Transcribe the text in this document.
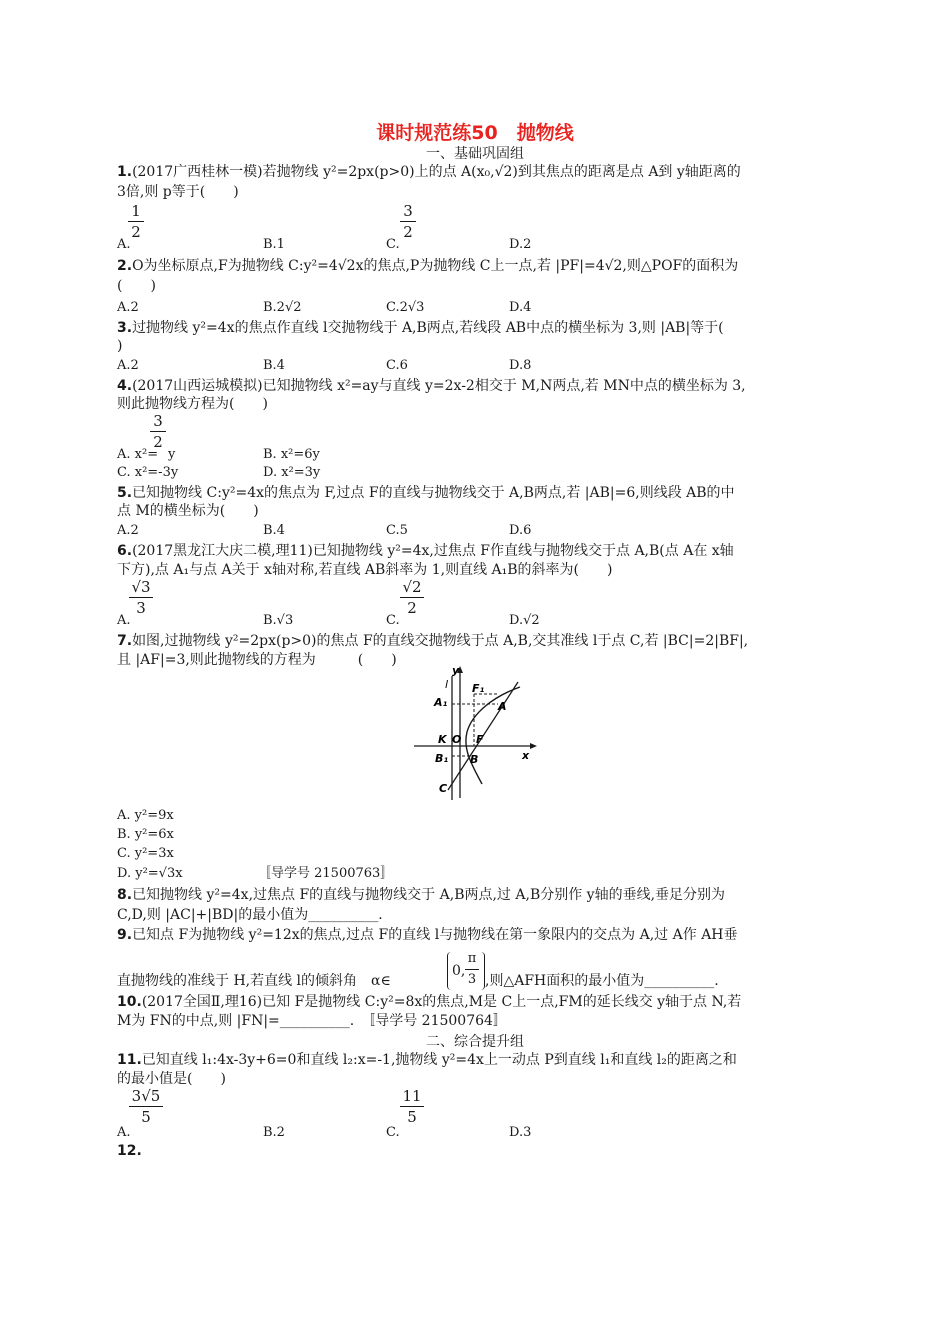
课时规范练50　抛物线
一、基础巩固组
1.(2017广西桂林一模)若抛物线 y²=2px(p>0)上的点 A(x₀,√2)到其焦点的距离是点 A到 y轴距离的
3倍,则 p等于(　　)
1
2
3
2
A.	B.1	C.	D.2
2.O为坐标原点,F为抛物线 C:y²=4√2x的焦点,P为抛物线 C上一点,若 |PF|=4√2,则△POF的面积为
(　　)
A.2	B.2√2	C.2√3	D.4
3.过抛物线 y²=4x的焦点作直线 l交抛物线于 A,B两点,若线段 AB中点的横坐标为 3,则 |AB|等于(
)
A.2	B.4	C.6	D.8
4.(2017山西运城模拟)已知抛物线 x²=ay与直线 y=2x-2相交于 M,N两点,若 MN中点的横坐标为 3,
则此抛物线方程为(　　)
3
2
A. x²= y	B. x²=6y
C. x²=-3y	D. x²=3y
5.已知抛物线 C:y²=4x的焦点为 F,过点 F的直线与抛物线交于 A,B两点,若 |AB|=6,则线段 AB的中
点 M的横坐标为(　　)
A.2	B.4	C.5	D.6
6.(2017黑龙江大庆二模,理11)已知抛物线 y²=4x,过焦点 F作直线与抛物线交于点 A,B(点 A在 x轴
下方),点 A₁与点 A关于 x轴对称,若直线 AB斜率为 1,则直线 A₁B的斜率为(　　)
√3
3
√2
2
A.	B.√3	C.	D.√2
7.如图,过抛物线 y²=2px(p>0)的焦点 F的直线交抛物线于点 A,B,交其准线 l于点 C,若 |BC|=2|BF|,
且 |AF|=3,则此抛物线的方程为　　　(　　)
y
l
A₁
F₁
A
K O F
x
B₁ B
C
A. y²=9x
B. y²=6x
C. y²=3x
D. y²=√3x	〚导学号 21500763〛
8.已知抛物线 y²=4x,过焦点 F的直线与抛物线交于 A,B两点,过 A,B分别作 y轴的垂线,垂足分别为
C,D,则 |AC|+|BD|的最小值为__________.
9.已知点 F为抛物线 y²=12x的焦点,过点 F的直线 l与抛物线在第一象限内的交点为 A,过 A作 AH垂
直抛物线的准线于 H,若直线 l的倾斜角　α∈
0,
π
3 ,则△AFH面积的最小值为__________.
10.(2017全国Ⅱ,理16)已知 F是抛物线 C:y²=8x的焦点,M是 C上一点,FM的延长线交 y轴于点 N,若
M为 FN的中点,则 |FN|=__________.　〚导学号 21500764〛
二、综合提升组
11.已知直线 l₁:4x-3y+6=0和直线 l₂:x=-1,抛物线 y²=4x上一动点 P到直线 l₁和直线 l₂的距离之和
的最小值是(　　)
3√5
5
11
5
A.	B.2	C.	D.3
12.
